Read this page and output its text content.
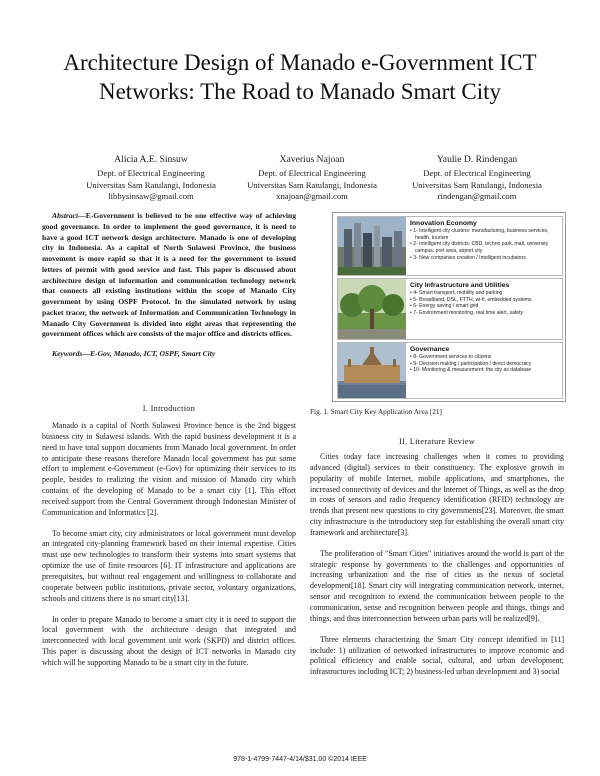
Architecture Design of Manado e-Government ICT Networks: The Road to Manado Smart City
Alicia A.E. Sinsuw
Dept. of Electrical Engineering
Universitas Sam Ratulangi, Indonesia
libbysinsaw@gmail.com
Xaverius Najoan
Dept. of Electrical Engineering
Universitas Sam Ratulangi, Indonesia
xnajoan@gmail.com
Yaulie D. Rindengan
Dept. of Electrical Engineering
Universitas Sam Ratulangi, Indonesia
rindengan@gmail.com
Abstract—E-Government is believed to be one effective way of achieving good governance. In order to implement the good governance, it is need to have a good ICT network design architecture. Manado is one of developing city in Indonesia. As a capital of North Sulawesi Province, the business movement is more rapid so that it is a need for the government to issued letters of permit with good service and fast. This paper is discussed about architecture design of information and communication technology network that connects all existing institutions within the scope of Manado City government by using OSPF Protocol. In the simulated network by using packet tracer, the network of Information and Communication Technology in Manado City Government is divided into eight areas that representing the government offices which are consists of the major office and districts offices.
Keywords—E-Gov, Manado, ICT, OSPF, Smart City
I. Introduction
Manado is a capital of North Sulawesi Province hence is the 2nd biggest business city in Sulawesi islands. With the rapid business development it is a need to have total support documents from Manado local government. In order to anticipate these reasons therefore Manado local government has put some effort to implement e-Government (e-Gov) for optimizing their services to its people, besides to realizing the vision and mission of Manado city which contains of the developing of Manado to be a smart city [1]. This effort received support from the Central Government through Indonesian Minister of Communication and Informatics [2].
To become smart city, city administrators or local government must develop an integrated city-planning framework based on their internal expertise. Cities must use new technologies to transform their systems into smart systems that optimize the use of finite resources [6]. IT infrastructure and applications are prerequisites, but without real engagement and willingness to collaborate and cooperate between public institutions, private sector, voluntary organizations, schools and citizens there is no smart city[13].
In order to prepare Manado to become a smart city it is need to support the local government with the architecture design that integrated and interconnected with local government unit work (SKPD) and district offices. This paper is discussing about the design of ICT networks in Manado city which will be supporting Manado to be a smart city in the future.
Innovation Economy
• 1- Intelligent city clusters: manufacturing, business services, health, tourism
• 2- Intelligent city districts: CBD, techno park, mall, university campus, port area, airport city
• 3- New companies creation / Intelligent incubators
City Infrastructure and Utilities
• 4- Smart transport, mobility and parking
• 5- Broadband, DSL, FTTH, wi-fi, embedded systems
• 6- Energy saving / smart grid
• 7- Environment monitoring, real time alert, safety
Governance
• 8- Government services to citizens
• 9- Decision making / participation / direct democracy
• 10- Monitoring & measurement: the city as database
Fig. 1. Smart City Key Application Area [21]
II. Literature Review
Cities today face increasing challenges when it comes to providing advanced (digital) services to their constituency. The explosive growth in popularity of mobile Internet, mobile applications, and smartphones, the increased connectivity of devices and the Internet of Things, as well as the drop in costs of sensors and radio frequency identification (RFID) technology are trends that present new questions to city governments[23]. Moreover, the smart city infrastructure is the introductory step for establishing the overall smart city framework and architecture[3].
The proliferation of "Smart Cities" initiatives around the world is part of the strategic response by governments to the challenges and opportunities of increasing urbanization and the rise of cities as the nexus of societal development[18]. Smart city will integrating communication network, internet, sensor and recognition to extend the communication between people to the communication, sense and recognition between people and things, things and things, and thus interconnection between urban parts will be realized[9].
Three elements characterizing the Smart City concept identified in [11] include: 1) utilization of networked infrastructures to improve economic and political efficiency and enable social, cultural, and urban development; infrastructures including ICT; 2) business-led urban development and 3) social
978-1-4799-7447-4/14/$31.00 ©2014 IEEE
